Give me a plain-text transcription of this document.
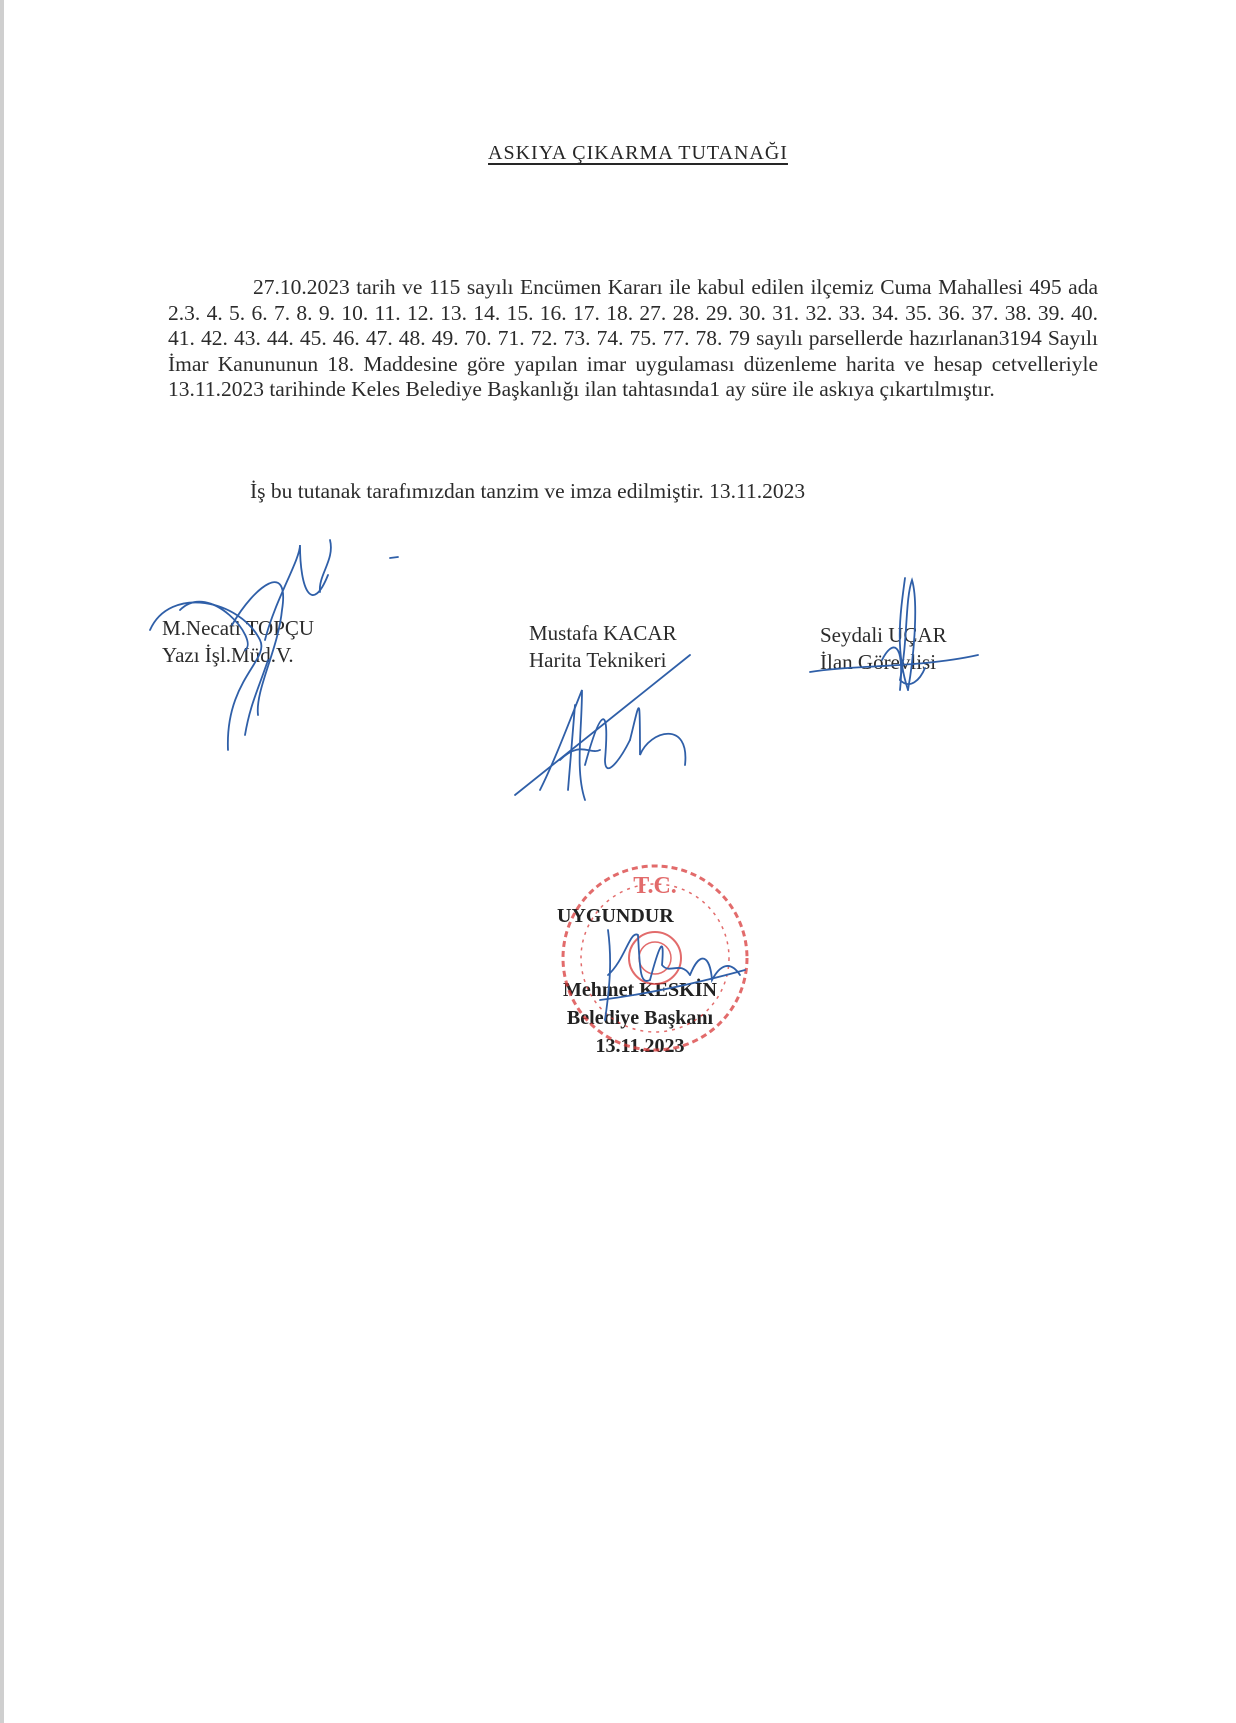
ASKIYA ÇIKARMA TUTANAĞI
27.10.2023 tarih ve 115 sayılı Encümen Kararı ile kabul edilen ilçemiz Cuma Mahallesi 495 ada 2.3. 4. 5. 6. 7. 8. 9. 10. 11. 12. 13. 14. 15. 16. 17. 18. 27. 28. 29. 30. 31. 32. 33. 34. 35. 36. 37. 38. 39. 40. 41. 42. 43. 44. 45. 46. 47. 48. 49. 70. 71. 72. 73. 74. 75. 77. 78. 79 sayılı parsellerde hazırlanan3194 Sayılı İmar Kanununun 18. Maddesine göre yapılan imar uygulaması düzenleme harita ve hesap cetvelleriyle 13.11.2023 tarihinde Keles Belediye Başkanlığı ilan tahtasında1 ay süre ile askıya çıkartılmıştır.
İş bu tutanak tarafımızdan tanzim ve imza edilmiştir. 13.11.2023
M.Necati TOPÇU
Yazı İşl.Müd.V.
Mustafa KACAR
Harita Teknikeri
Seydali UÇAR
İlan Görevlisi
UYGUNDUR
Mehmet KESKİN
Belediye Başkanı
13.11.2023
T.C.
